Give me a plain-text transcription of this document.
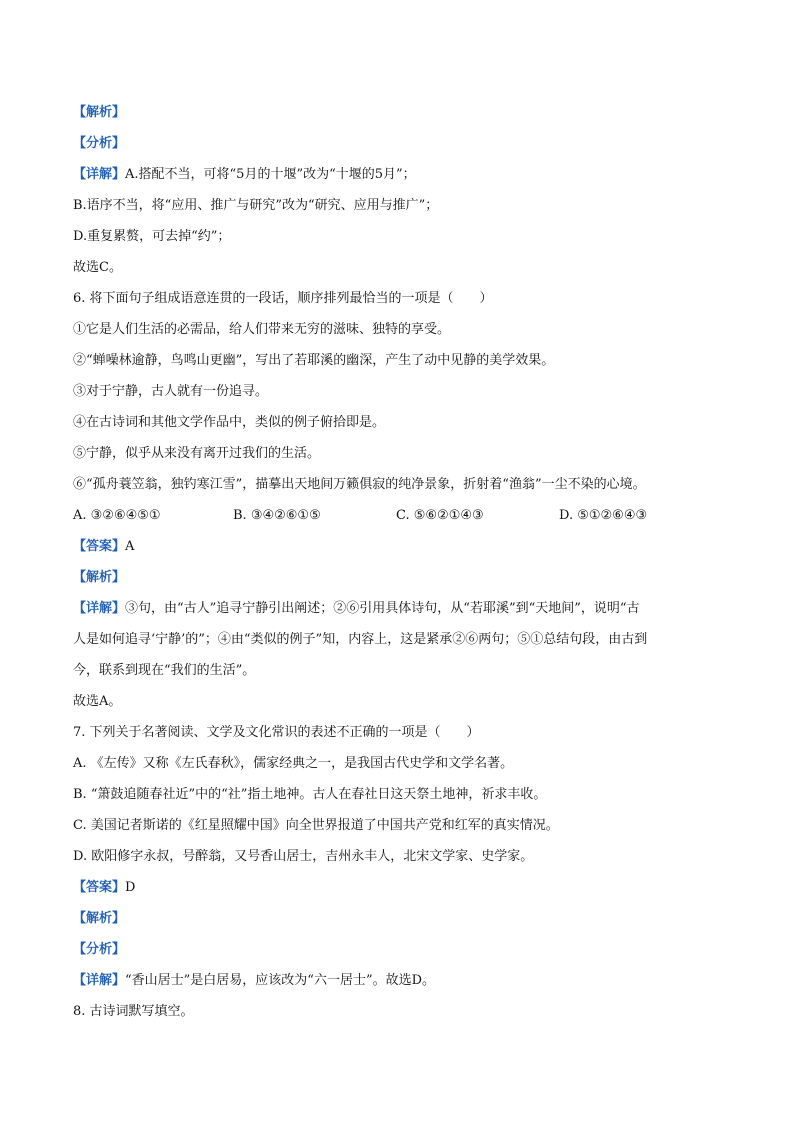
【解析】
【分析】
【详解】A.搭配不当，可将“5月的十堰”改为“十堰的5月”；
B.语序不当，将“应用、推广与研究”改为“研究、应用与推广”；
D.重复累赘，可去掉“约”；
故选C。
6. 将下面句子组成语意连贯的一段话，顺序排列最恰当的一项是（　　）
①它是人们生活的必需品，给人们带来无穷的滋味、独特的享受。
②“蝉噪林逾静，鸟鸣山更幽”，写出了若耶溪的幽深，产生了动中见静的美学效果。
③对于宁静，古人就有一份追寻。
④在古诗词和其他文学作品中，类似的例子俯拾即是。
⑤宁静，似乎从来没有离开过我们的生活。
⑥“孤舟蓑笠翁，独钓寒江雪”，描摹出天地间万籁俱寂的纯净景象，折射着“渔翁”一尘不染的心境。
A. ③②⑥④⑤①	B. ③④②⑥①⑤	C. ⑤⑥②①④③	D. ⑤①②⑥④③
【答案】A
【解析】
【详解】③句，由“古人”追寻宁静引出阐述；②⑥引用具体诗句，从“若耶溪”到“天地间”，说明“古
人是如何追寻‘宁静’的”；④由“类似的例子”知，内容上，这是紧承②⑥两句；⑤①总结句段，由古到
今，联系到现在“我们的生活”。
故选A。
7. 下列关于名著阅读、文学及文化常识的表述不正确的一项是（　　）
A. 《左传》又称《左氏春秋》，儒家经典之一，是我国古代史学和文学名著。
B. “箫鼓追随春社近”中的“社”指土地神。古人在春社日这天祭土地神，祈求丰收。
C. 美国记者斯诺的《红星照耀中国》向全世界报道了中国共产党和红军的真实情况。
D. 欧阳修字永叔，号醉翁，又号香山居士，吉州永丰人，北宋文学家、史学家。
【答案】D
【解析】
【分析】
【详解】“香山居士”是白居易，应该改为“六一居士”。故选D。
8. 古诗词默写填空。
